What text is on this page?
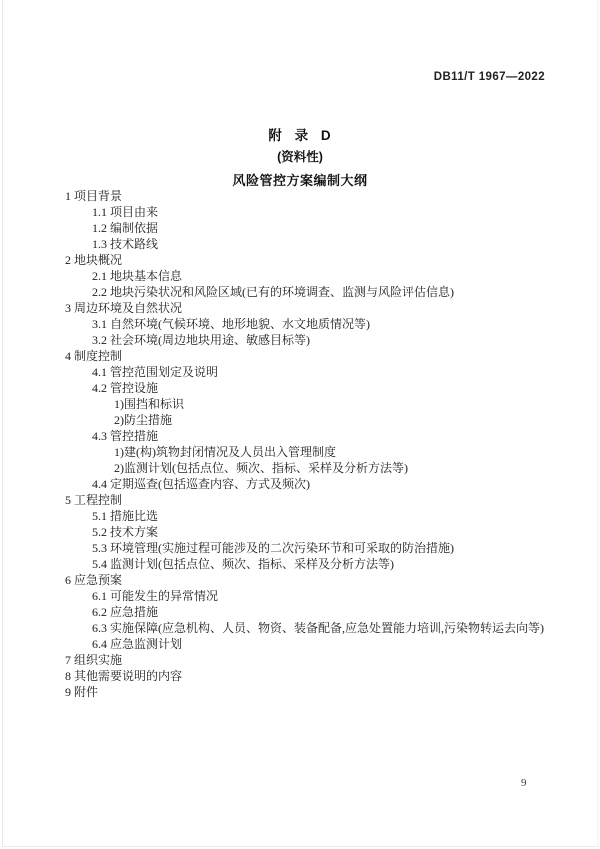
DB11/T 1967—2022
附 录 D
(资料性)
风险管控方案编制大纲
1 项目背景
1.1 项目由来
1.2 编制依据
1.3 技术路线
2 地块概况
2.1 地块基本信息
2.2 地块污染状况和风险区域(已有的环境调查、监测与风险评估信息)
3 周边环境及自然状况
3.1 自然环境(气候环境、地形地貌、水文地质情况等)
3.2 社会环境(周边地块用途、敏感目标等)
4 制度控制
4.1 管控范围划定及说明
4.2 管控设施
1)围挡和标识
2)防尘措施
4.3 管控措施
1)建(构)筑物封闭情况及人员出入管理制度
2)监测计划(包括点位、频次、指标、采样及分析方法等)
4.4 定期巡查(包括巡查内容、方式及频次)
5 工程控制
5.1 措施比选
5.2 技术方案
5.3 环境管理(实施过程可能涉及的二次污染环节和可采取的防治措施)
5.4 监测计划(包括点位、频次、指标、采样及分析方法等)
6 应急预案
6.1 可能发生的异常情况
6.2 应急措施
6.3 实施保障(应急机构、人员、物资、装备配备,应急处置能力培训,污染物转运去向等)
6.4 应急监测计划
7 组织实施
8 其他需要说明的内容
9 附件
9
